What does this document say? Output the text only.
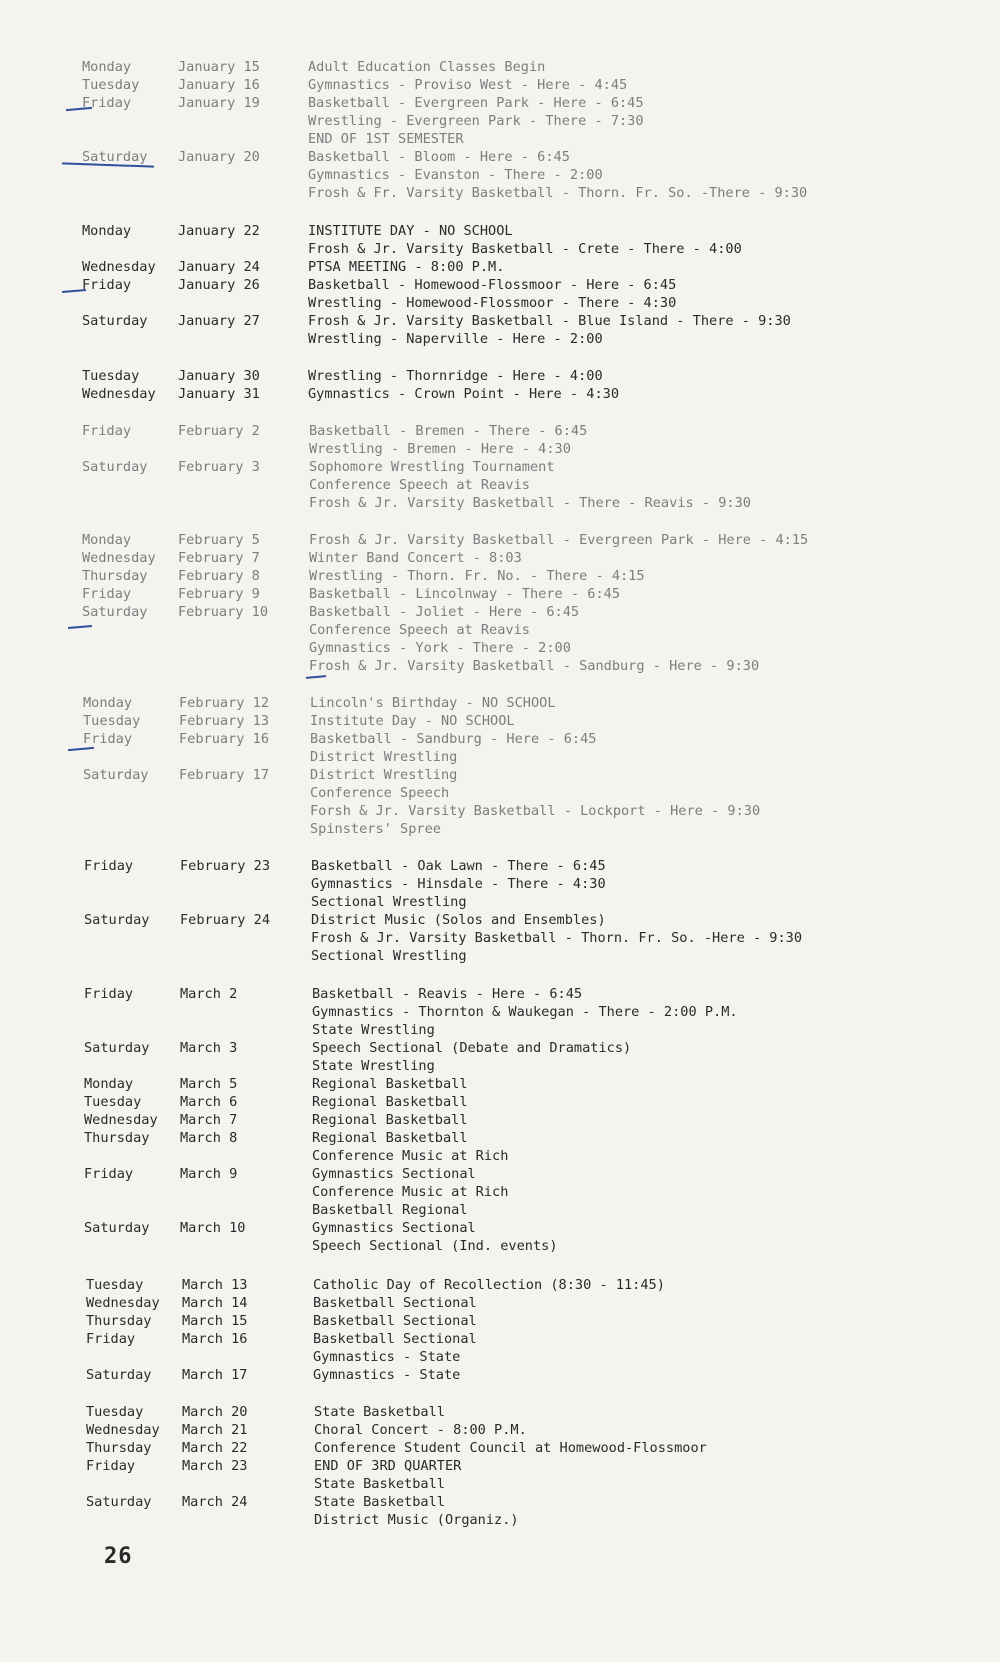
Monday	January 15	Adult Education Classes Begin
Tuesday	January 16	Gymnastics - Proviso West - Here - 4:45
Friday	January 19	Basketball - Evergreen Park - Here - 6:45
Wrestling - Evergreen Park - There - 7:30
END OF 1ST SEMESTER
Saturday	January 20	Basketball - Bloom - Here - 6:45
Gymnastics - Evanston - There - 2:00
Frosh & Fr. Varsity Basketball - Thorn. Fr. So. -There - 9:30
Monday	January 22	INSTITUTE DAY - NO SCHOOL
Frosh & Jr. Varsity Basketball - Crete - There - 4:00
Wednesday	January 24	PTSA MEETING - 8:00 P.M.
Friday	January 26	Basketball - Homewood-Flossmoor - Here - 6:45
Wrestling - Homewood-Flossmoor - There - 4:30
Saturday	January 27	Frosh & Jr. Varsity Basketball - Blue Island - There - 9:30
Wrestling - Naperville - Here - 2:00
Tuesday	January 30	Wrestling - Thornridge - Here - 4:00
Wednesday	January 31	Gymnastics - Crown Point - Here - 4:30
Friday	February 2	Basketball - Bremen - There - 6:45
Wrestling - Bremen - Here - 4:30
Saturday	February 3	Sophomore Wrestling Tournament
Conference Speech at Reavis
Frosh & Jr. Varsity Basketball - There - Reavis - 9:30
Monday	February 5	Frosh & Jr. Varsity Basketball - Evergreen Park - Here - 4:15
Wednesday	February 7	Winter Band Concert - 8:03
Thursday	February 8	Wrestling - Thorn. Fr. No. - There - 4:15
Friday	February 9	Basketball - Lincolnway - There - 6:45
Saturday	February 10	Basketball - Joliet - Here - 6:45
Conference Speech at Reavis
Gymnastics - York - There - 2:00
Frosh & Jr. Varsity Basketball - Sandburg - Here - 9:30
Monday	February 12	Lincoln's Birthday - NO SCHOOL
Tuesday	February 13	Institute Day - NO SCHOOL
Friday	February 16	Basketball - Sandburg - Here - 6:45
District Wrestling
Saturday	February 17	District Wrestling
Conference Speech
Forsh & Jr. Varsity Basketball - Lockport - Here - 9:30
Spinsters' Spree
Friday	February 23	Basketball - Oak Lawn - There - 6:45
Gymnastics - Hinsdale - There - 4:30
Sectional Wrestling
Saturday	February 24	District Music (Solos and Ensembles)
Frosh & Jr. Varsity Basketball - Thorn. Fr. So. -Here - 9:30
Sectional Wrestling
Friday	March 2	Basketball - Reavis - Here - 6:45
Gymnastics - Thornton & Waukegan - There - 2:00 P.M.
State Wrestling
Saturday	March 3	Speech Sectional (Debate and Dramatics)
State Wrestling
Monday	March 5	Regional Basketball
Tuesday	March 6	Regional Basketball
Wednesday	March 7	Regional Basketball
Thursday	March 8	Regional Basketball
Conference Music at Rich
Friday	March 9	Gymnastics Sectional
Conference Music at Rich
Basketball Regional
Saturday	March 10	Gymnastics Sectional
Speech Sectional (Ind. events)
Tuesday	March 13	Catholic Day of Recollection (8:30 - 11:45)
Wednesday	March 14	Basketball Sectional
Thursday	March 15	Basketball Sectional
Friday	March 16	Basketball Sectional
Gymnastics - State
Saturday	March 17	Gymnastics - State
Tuesday	March 20	State Basketball
Wednesday	March 21	Choral Concert - 8:00 P.M.
Thursday	March 22	Conference Student Council at Homewood-Flossmoor
Friday	March 23	END OF 3RD QUARTER
State Basketball
Saturday	March 24	State Basketball
District Music (Organiz.)
26
